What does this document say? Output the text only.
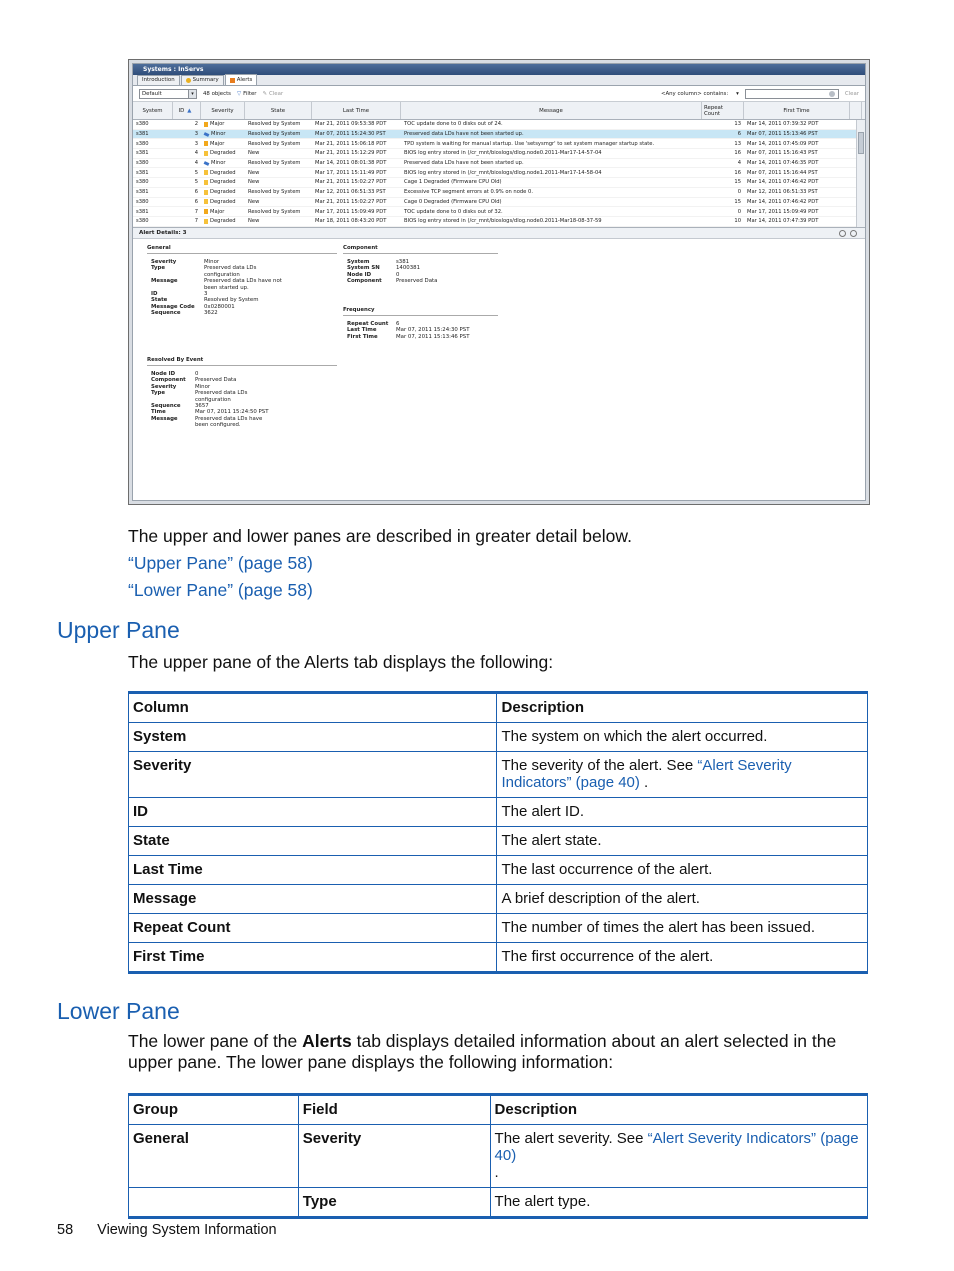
Systems : InServs
Introduction	Summary	Alerts
Default	▾	48 objects ▽ Filter ✎ Clear	<Any column> contains: ▾	Clear
System	ID ▲	Severity	State	Last Time	Message	Repeat Count	First Time
s380	2	Major	Resolved by System	Mar 21, 2011 09:53:38 PDT	TOC update done to 0 disks out of 24.	13	Mar 14, 2011 07:39:32 PDT
s381	3	Minor	Resolved by System	Mar 07, 2011 15:24:30 PST	Preserved data LDs have not been started up.	6	Mar 07, 2011 15:13:46 PST
s380	3	Major	Resolved by System	Mar 21, 2011 15:06:18 PDT	TPD system is waiting for manual startup. Use 'setsysmgr' to set system manager startup state.	13	Mar 14, 2011 07:45:09 PDT
s381	4	Degraded	New	Mar 21, 2011 15:12:29 PDT	BIOS log entry stored in (/cr_mnt/bioslogs/dlog.node0.2011-Mar17-14-57-04	16	Mar 07, 2011 15:16:43 PST
s380	4	Minor	Resolved by System	Mar 14, 2011 08:01:38 PDT	Preserved data LDs have not been started up.	4	Mar 14, 2011 07:46:35 PDT
s381	5	Degraded	New	Mar 17, 2011 15:11:49 PDT	BIOS log entry stored in (/cr_mnt/bioslogs/dlog.node1.2011-Mar17-14-58-04	16	Mar 07, 2011 15:16:44 PST
s380	5	Degraded	New	Mar 21, 2011 15:02:27 PDT	Cage 1 Degraded (Firmware CPU Old)	15	Mar 14, 2011 07:46:42 PDT
s381	6	Degraded	Resolved by System	Mar 12, 2011 06:51:33 PST	Excessive TCP segment errors at 0.9% on node 0.	0	Mar 12, 2011 06:51:33 PST
s380	6	Degraded	New	Mar 21, 2011 15:02:27 PDT	Cage 0 Degraded (Firmware CPU Old)	15	Mar 14, 2011 07:46:42 PDT
s381	7	Major	Resolved by System	Mar 17, 2011 15:09:49 PDT	TOC update done to 0 disks out of 32.	0	Mar 17, 2011 15:09:49 PDT
s380	7	Degraded	New	Mar 18, 2011 08:43:20 PDT	BIOS log entry stored in (/cr_mnt/bioslogs/dlog.node0.2011-Mar18-08-37-59	10	Mar 14, 2011 07:47:39 PDT
Alert Details: 3
General
Severity	Minor
Type	Preserved data LDs configuration
Message	Preserved data LDs have not been started up.
ID	3
State	Resolved by System
Message Code	0x0280001
Sequence	3622
Component
System	s381
System SN	1400381
Node ID	0
Component	Preserved Data
Frequency
Repeat Count	6
Last Time	Mar 07, 2011 15:24:30 PST
First Time	Mar 07, 2011 15:13:46 PST
Resolved By Event
Node ID	0
Component	Preserved Data
Severity	Minor
Type	Preserved data LDs configuration
Sequence	3657
Time	Mar 07, 2011 15:24:50 PST
Message	Preserved data LDs have been configured.
The upper and lower panes are described in greater detail below.
“Upper Pane” (page 58)
“Lower Pane” (page 58)
Upper Pane
The upper pane of the Alerts tab displays the following:
Column	Description
System	The system on which the alert occurred.
Severity	The severity of the alert. See “Alert Severity Indicators” (page 40) .
ID	The alert ID.
State	The alert state.
Last Time	The last occurrence of the alert.
Message	A brief description of the alert.
Repeat Count	The number of times the alert has been issued.
First Time	The first occurrence of the alert.
Lower Pane
The lower pane of the Alerts tab displays detailed information about an alert selected in the upper pane. The lower pane displays the following information:
Group	Field	Description
General	Severity	The alert severity. See “Alert Severity Indicators” (page 40)
.
	Type	The alert type.
58 Viewing System Information
